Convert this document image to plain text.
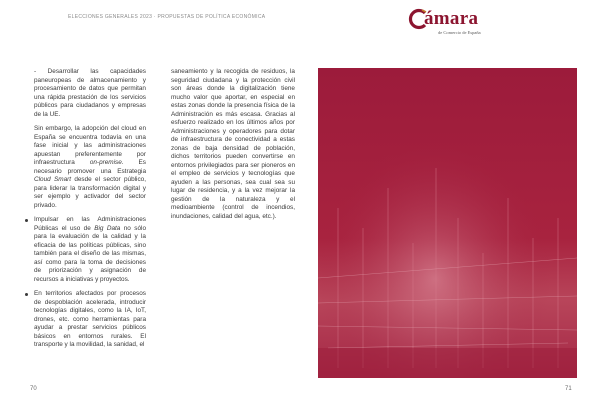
ELECCIONES GENERALES 2023 · PROPUESTAS DE POLÍTICA ECONÓMICA	ámara
de Comercio de España

- Desarrollar las capacidades paneuropeas de almacenamiento y procesamiento de datos que permitan una rápida prestación de los servicios públicos para ciudadanos y empresas de la UE.

Sin embargo, la adopción del cloud en España se encuentra todavía en una fase inicial y las administraciones apuestan preferentemente por infraestructura on-premise. Es necesario promover una Estrategia Cloud Smart desde el sector público, para liderar la transformación digital y ser ejemplo y activador del sector privado.

Impulsar en las Administraciones Públicas el uso de Big Data no sólo para la evaluación de la calidad y la eficacia de las políticas públicas, sino también para el diseño de las mismas, así como para la toma de decisiones de priorización y asignación de recursos a iniciativas y proyectos.
En territorios afectados por procesos de despoblación acelerada, introducir tecnologías digitales, como la IA, IoT, drones, etc. como herramientas para ayudar a prestar servicios públicos básicos en entornos rurales. El transporte y la movilidad, la sanidad, el

saneamiento y la recogida de residuos, la seguridad ciudadana y la protección civil son áreas donde la digitalización tiene mucho valor que aportar, en especial en estas zonas donde la presencia física de la Administración es más escasa. Gracias al esfuerzo realizado en los últimos años por Administraciones y operadores para dotar de infraestructura de conectividad a estas zonas de baja densidad de población, dichos territorios pueden convertirse en entornos privilegiados para ser pioneros en el empleo de servicios y tecnologías que ayuden a las personas, sea cual sea su lugar de residencia, y a la vez mejorar la gestión de la naturaleza y el medioambiente (control de incendios, inundaciones, calidad del agua, etc.).

70	71
